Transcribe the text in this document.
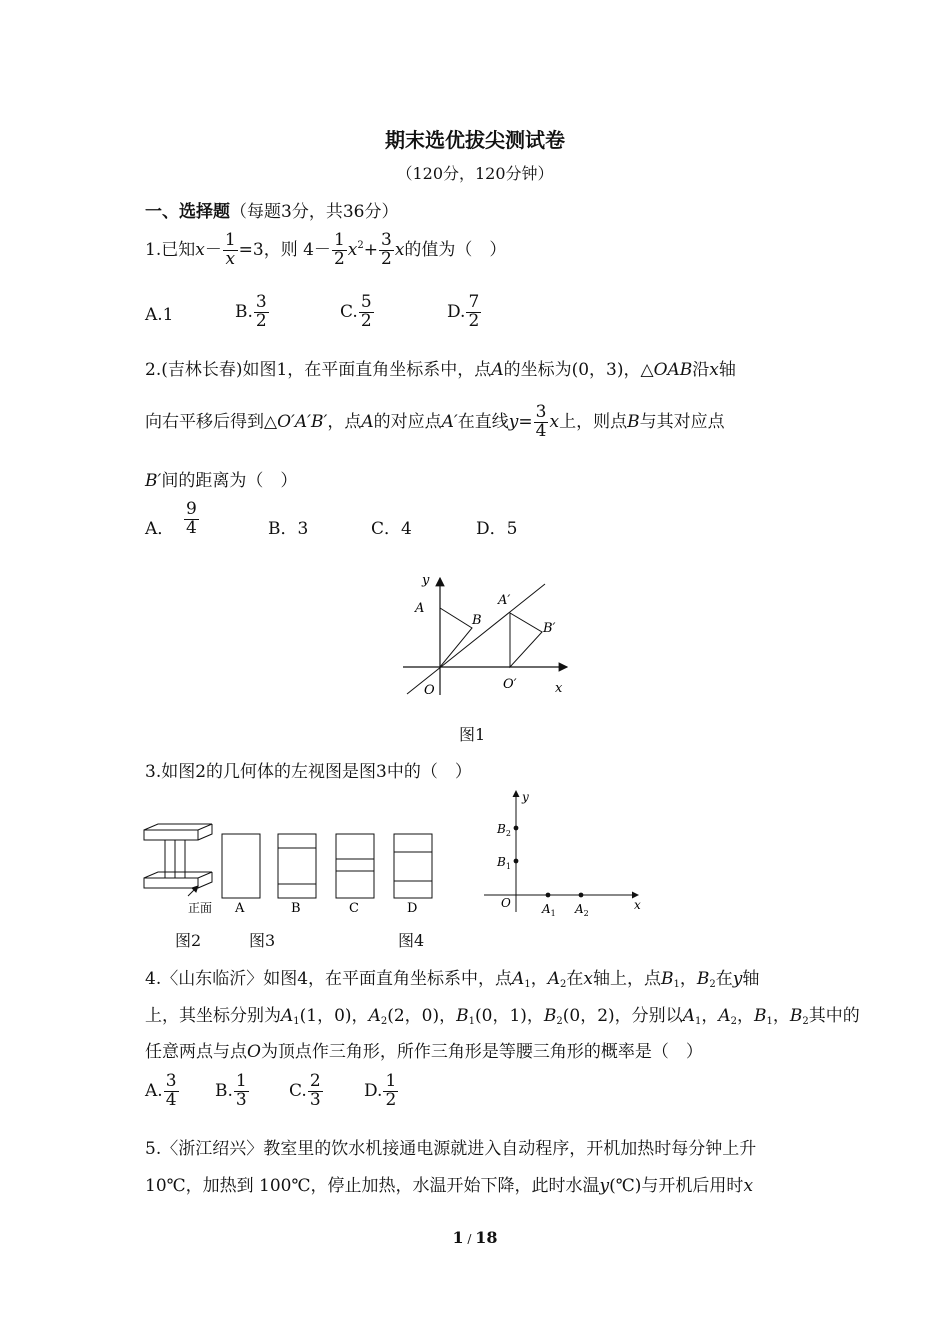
期末选优拔尖测试卷
（120分，120分钟）
一、选择题（每题3分，共36分）
1.已知$x- \frac{1}{x} =3$，则 $4- \frac{1}{2} x^2+ \frac{3}{2}$ x的值为（　）
A.1	B. $\frac{3}{2}$	C. $\frac{5}{2}$	D. $\frac{7}{2}$
2.(吉林长春)如图1，在平面直角坐标系中，点A的坐标为(0，3)，△OAB沿x轴
向右平移后得到△O′A′B′，点A的对应点A′在直线$y= \frac{3}{4}$ x上，则点B与其对应点
B′间的距离为（　）
A． $\frac{9}{4}$	B．3	C．4	D．5
y
x
O	O′
A
B
A′
B′
图1
3.如图2的几何体的左视图是图3中的（　）
正面 A	B	C	D
y
x
O
$B_2$
$B_1$
$A_1$ $A_2$
图2	图3	图4
4.〈山东临沂〉如图4，在平面直角坐标系中，点$A_1$，$A_2$在x轴上，点$B_1$，$B_2$在y轴
上，其坐标分别为$A_1(1$，0)，$A_2(2$，0)，$B_1(0$，1)，$B_2(0$，2)，分别以$A_1$，$A_2$，$B_1$，$B_2$其中的
任意两点与点O为顶点作三角形，所作三角形是等腰三角形的概率是（　）
A. $\frac{3}{4} B$. $\frac{1}{3} C$. $\frac{2}{3} D$. $\frac{1}{2}$
5.〈浙江绍兴〉教室里的饮水机接通电源就进入自动程序，开机加热时每分钟上升
10℃，加热到 100℃，停止加热，水温开始下降，此时水温y(℃)与开机后用时x
1 / 18
